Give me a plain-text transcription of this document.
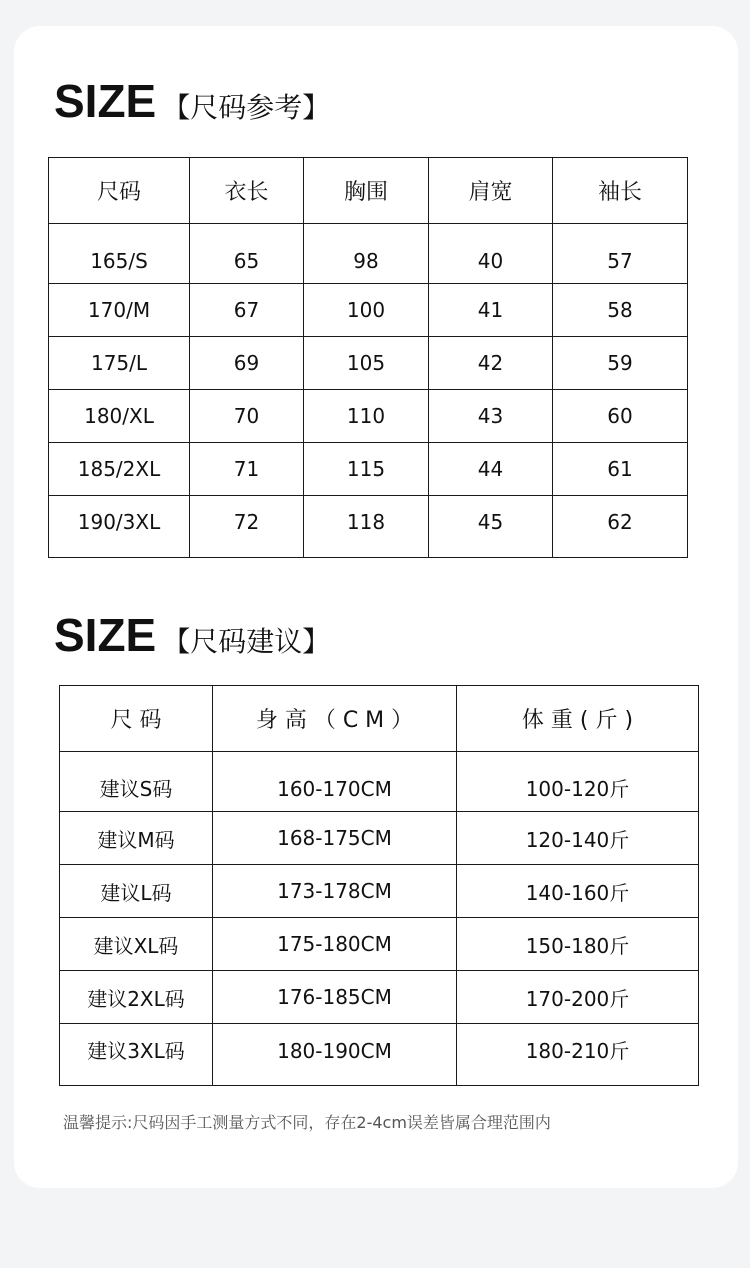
SIZE 【尺码参考】
尺码	衣长	胸围	肩宽	袖长
165/S	65	98	40	57
170/M	67	100	41	58
175/L	69	105	42	59
180/XL	70	110	43	60
185/2XL	71	115	44	61
190/3XL	72	118	45	62
SIZE 【尺码建议】
尺 码	身 高 （ C M ）	体 重 ( 斤 )
建议S码	160-170CM	100-120斤
建议M码	168-175CM	120-140斤
建议L码	173-178CM	140-160斤
建议XL码	175-180CM	150-180斤
建议2XL码	176-185CM	170-200斤
建议3XL码	180-190CM	180-210斤
温馨提示:尺码因手工测量方式不同，存在2-4cm误差皆属合理范围内
